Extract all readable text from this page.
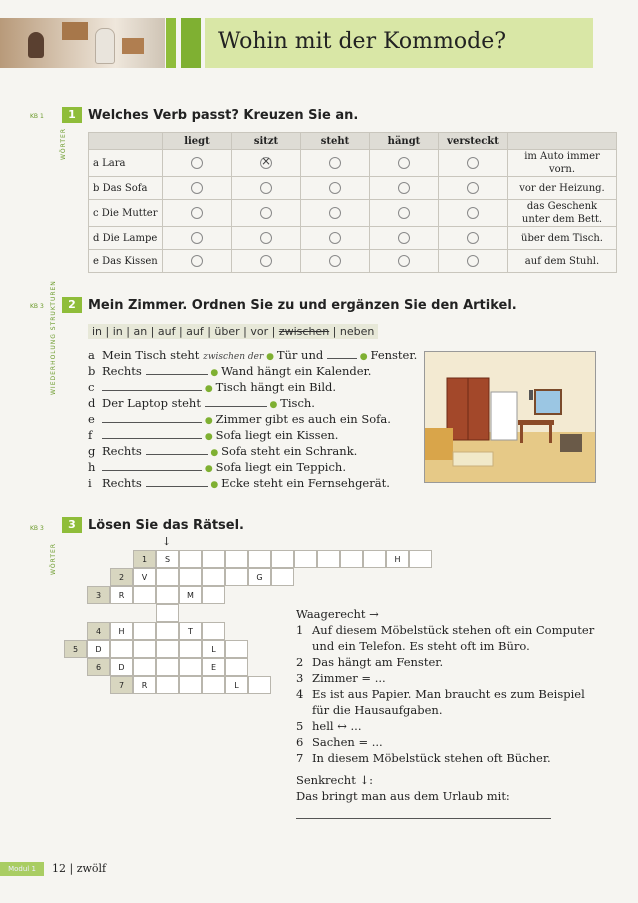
Wohin mit der Kommode?
KB 1	1
WÖRTER
Welches Verb passt? Kreuzen Sie an.
	liegt	sitzt	steht	hängt	versteckt	
a Lara		×				im Auto immer vorn.
b Das Sofa						vor der Heizung.
c Die Mutter						das Geschenk unter dem Bett.
d Die Lampe						über dem Tisch.
e Das Kissen						auf dem Stuhl.
KB 3	2
WIEDERHOLUNG STRUKTUREN Mein Zimmer. Ordnen Sie zu und ergänzen Sie den Artikel.
in | in | an | auf | auf | über | vor | zwischen | neben
a Mein Tisch steht zwischen der ● Tür und	● Fenster.
b Rechts	● Wand hängt ein Kalender.
c	● Tisch hängt ein Bild.
d Der Laptop steht	● Tisch.
e	● Zimmer gibt es auch ein Sofa.
f	● Sofa liegt ein Kissen.
g Rechts	● Sofa steht ein Schrank.
h	● Sofa liegt ein Teppich.
i Rechts	● Ecke steht ein Fernsehgerät.
KB 3	3
WÖRTER
Lösen Sie das Rätsel.
↓
1	S	H
2	V	G
3	R	M
4	H	T
5	D	L
6	D	E
7	R	L
Waagerecht →
1 Auf diesem Möbelstück stehen oft ein Computer und ein Telefon. Es steht oft im Büro.
2 Das hängt am Fenster.
3 Zimmer = ...
4 Es ist aus Papier. Man braucht es zum Beispiel für die Hausaufgaben.
5 hell ↔ ...
6 Sachen = ...
7 In diesem Möbelstück stehen oft Bücher.
Senkrecht ↓:
Das bringt man aus dem Urlaub mit:
Modul 1	12 | zwölf
